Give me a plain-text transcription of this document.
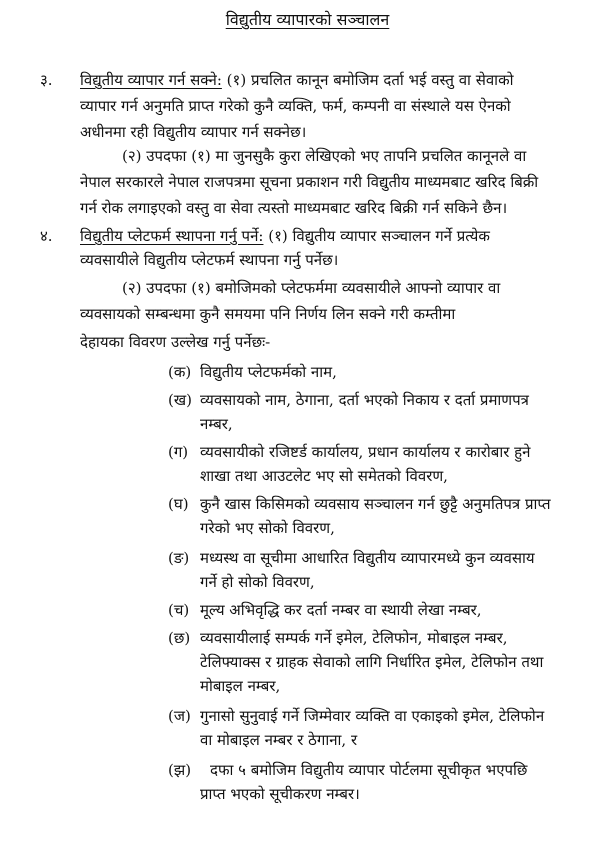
विद्युतीय व्यापारको सञ्चालन
३. विद्युतीय व्यापार गर्न सक्ने: (१) प्रचलित कानून बमोजिम दर्ता भई वस्तु वा सेवाको
व्यापार गर्न अनुमति प्राप्त गरेको कुनै व्यक्ति, फर्म, कम्पनी वा संस्थाले यस ऐनको
अधीनमा रही विद्युतीय व्यापार गर्न सक्नेछ।
(२) उपदफा (१) मा जुनसुकै कुरा लेखिएको भए तापनि प्रचलित कानूनले वा
नेपाल सरकारले नेपाल राजपत्रमा सूचना प्रकाशन गरी विद्युतीय माध्यमबाट खरिद बिक्री
गर्न रोक लगाइएको वस्तु वा सेवा त्यस्तो माध्यमबाट खरिद बिक्री गर्न सकिने छैन।
४. विद्युतीय प्लेटफर्म स्थापना गर्नु पर्ने: (१) विद्युतीय व्यापार सञ्चालन गर्ने प्रत्येक
व्यवसायीले विद्युतीय प्लेटफर्म स्थापना गर्नु पर्नेछ।
(२) उपदफा (१) बमोजिमको प्लेटफर्ममा व्यवसायीले आफ्नो व्यापार वा
व्यवसायको सम्बन्धमा कुनै समयमा पनि निर्णय लिन सक्ने गरी कम्तीमा
देहायका विवरण उल्लेख गर्नु पर्नेछः-
(क) विद्युतीय प्लेटफर्मको नाम,
(ख) व्यवसायको नाम, ठेगाना, दर्ता भएको निकाय र दर्ता प्रमाणपत्र
नम्बर,
(ग) व्यवसायीको रजिष्टर्ड कार्यालय, प्रधान कार्यालय र कारोबार हुने
शाखा तथा आउटलेट भए सो समेतको विवरण,
(घ) कुनै खास किसिमको व्यवसाय सञ्चालन गर्न छुट्टै अनुमतिपत्र प्राप्त
गरेको भए सोको विवरण,
(ङ) मध्यस्थ वा सूचीमा आधारित विद्युतीय व्यापारमध्ये कुन व्यवसाय
गर्ने हो सोको विवरण,
(च) मूल्य अभिवृद्धि कर दर्ता नम्बर वा स्थायी लेखा नम्बर,
(छ) व्यवसायीलाई सम्पर्क गर्ने इमेल, टेलिफोन, मोबाइल नम्बर,
टेलिफ्याक्स र ग्राहक सेवाको लागि निर्धारित इमेल, टेलिफोन तथा
मोबाइल नम्बर,
(ज) गुनासो सुनुवाई गर्ने जिम्मेवार व्यक्ति वा एकाइको इमेल, टेलिफोन
वा मोबाइल नम्बर र ठेगाना, र
(झ) दफा ५ बमोजिम विद्युतीय व्यापार पोर्टलमा सूचीकृत भएपछि
प्राप्त भएको सूचीकरण नम्बर।
